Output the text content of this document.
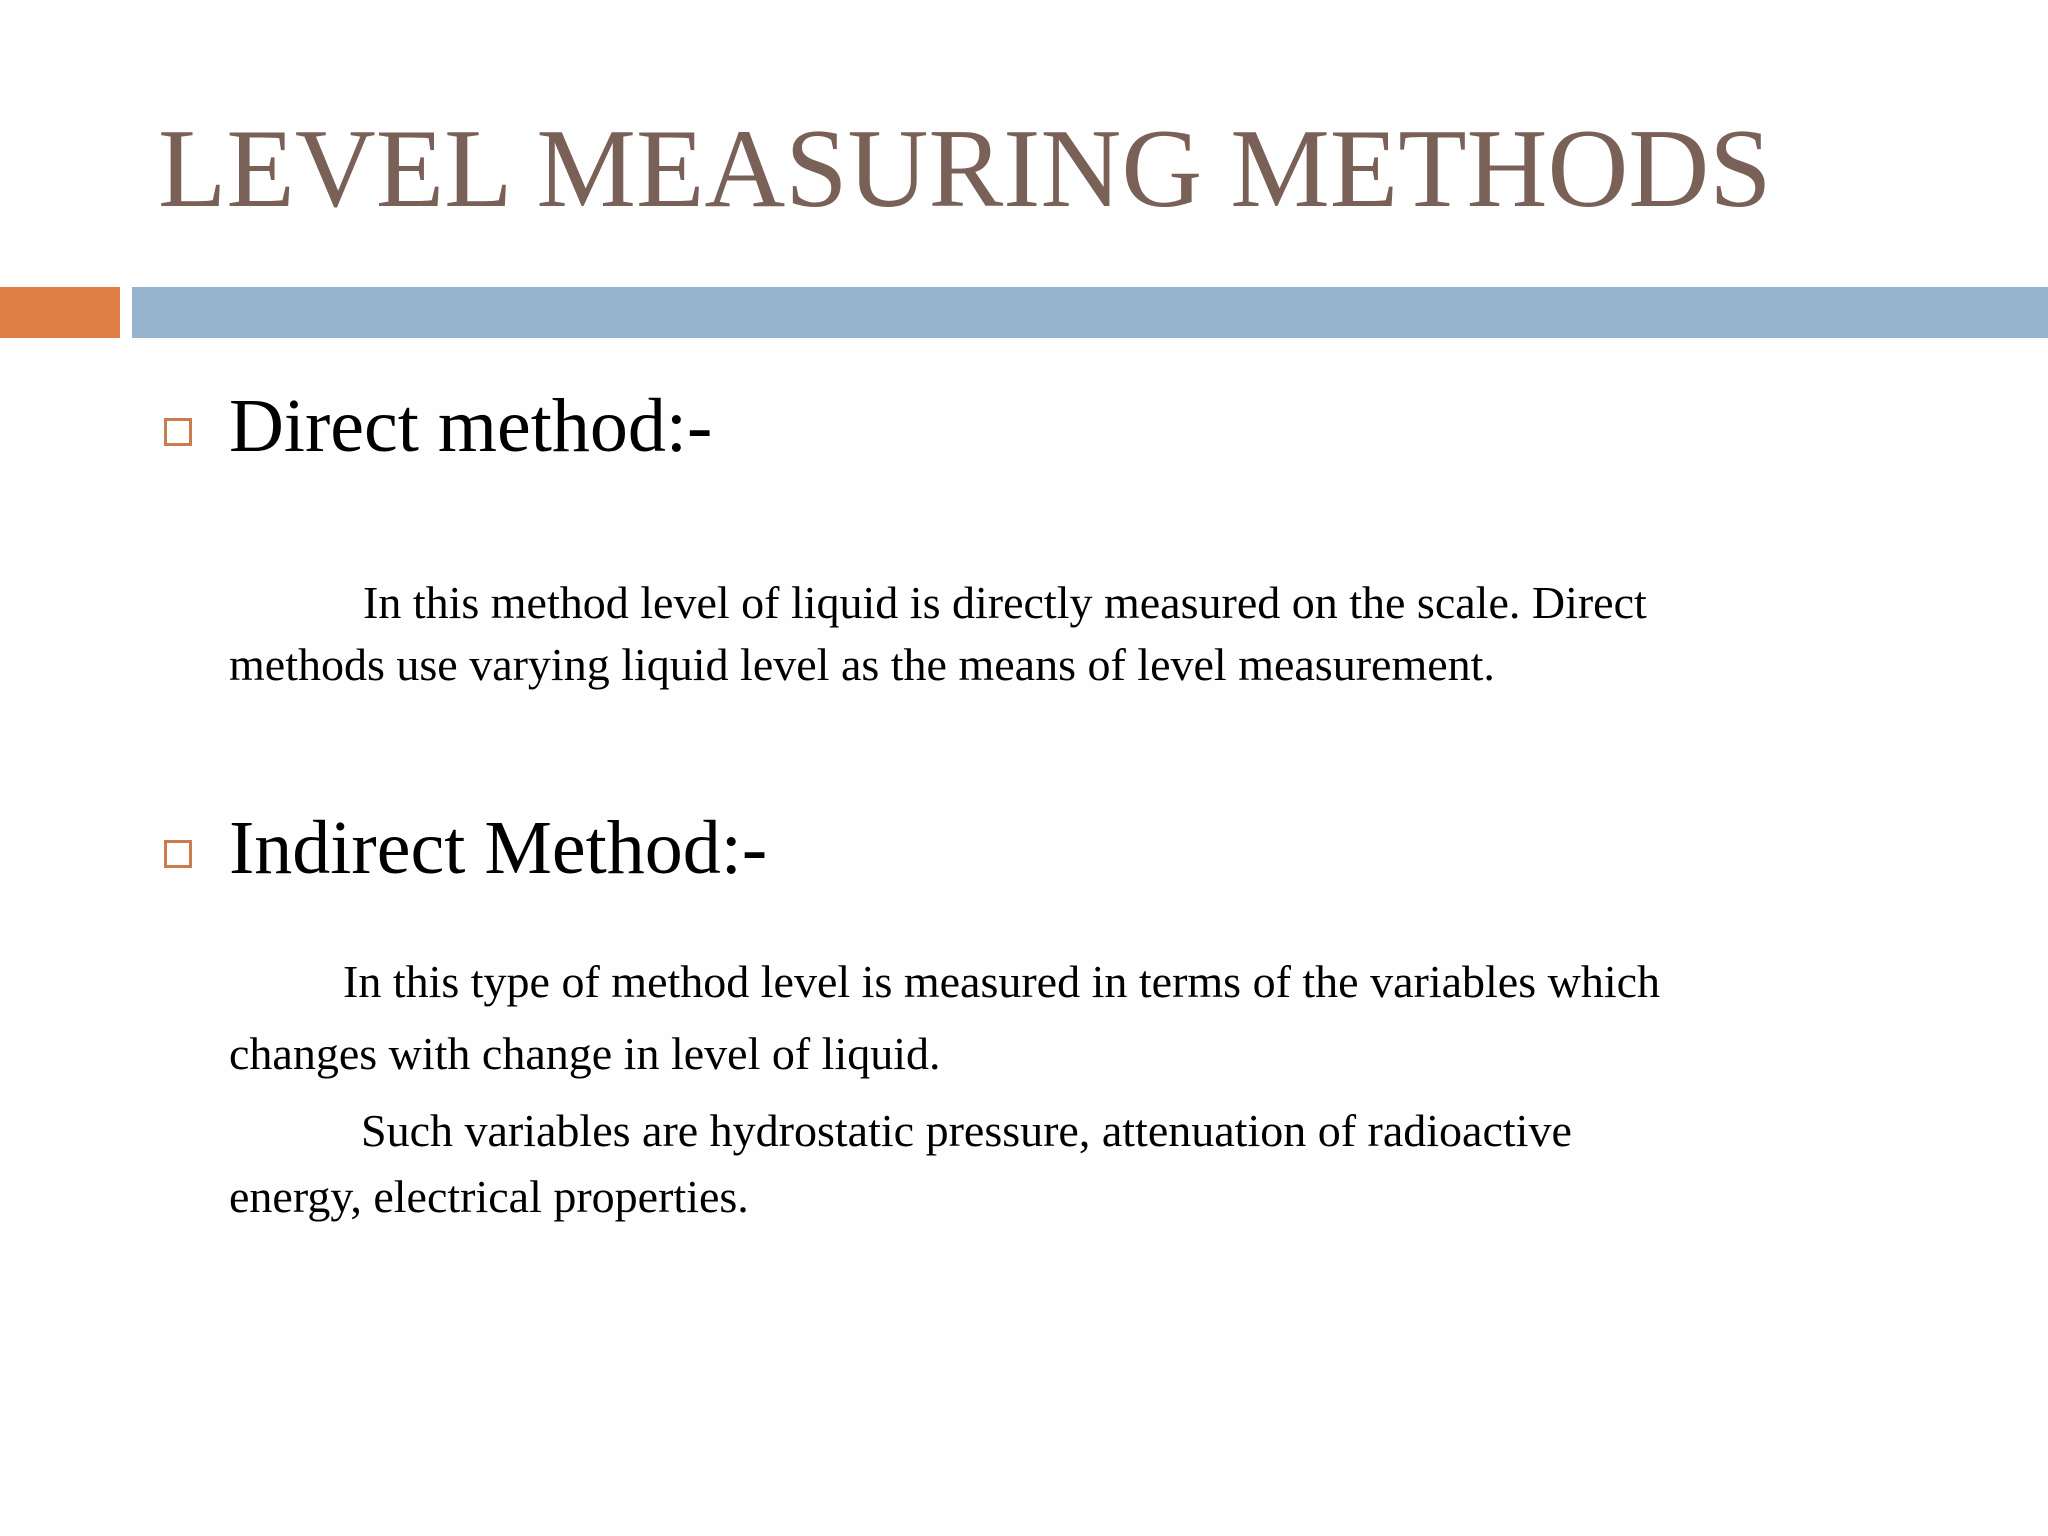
LEVEL MEASURING METHODS
Direct method:-

In this method level of liquid is directly measured on the scale. Direct
methods use varying liquid level as the means of level measurement.

Indirect Method:-

In this type of method level is measured in terms of the variables which
changes with change in level of liquid.

Such variables are hydrostatic pressure, attenuation of radioactive
energy, electrical properties.
